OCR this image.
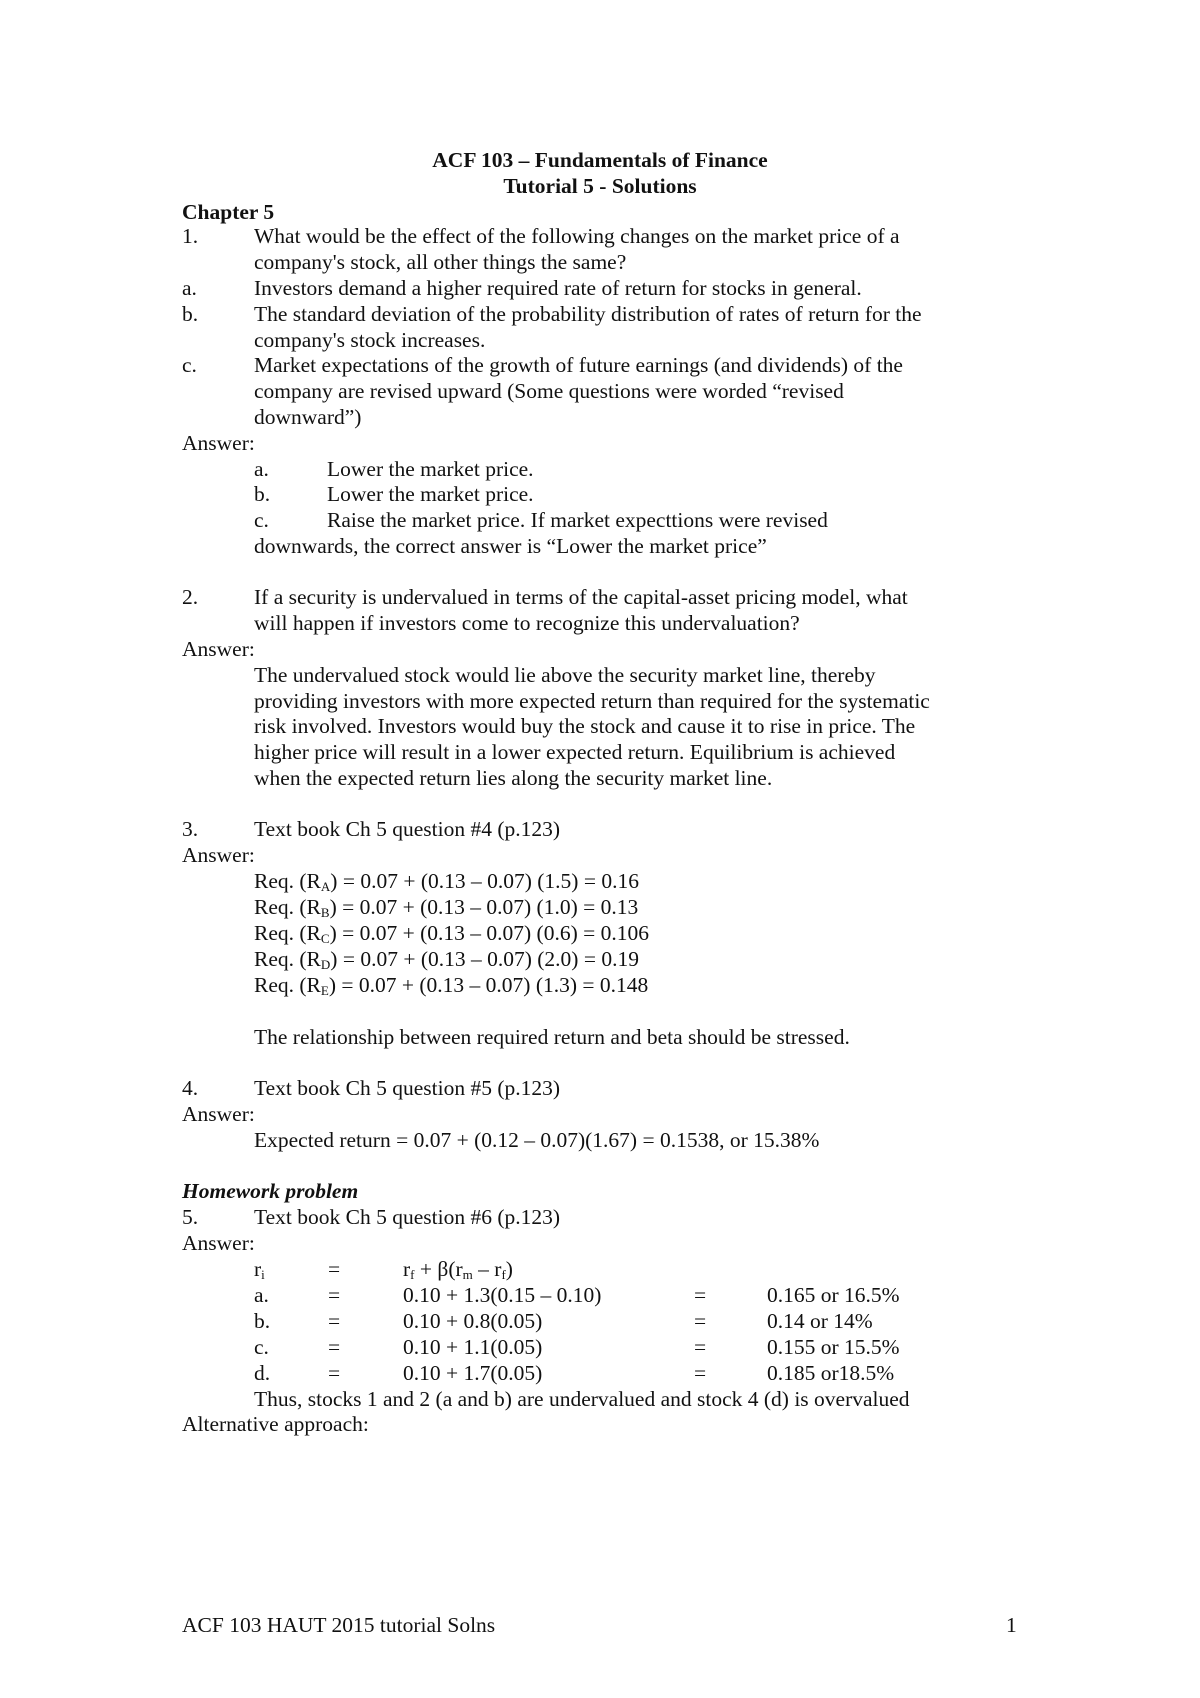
ACF 103 – Fundamentals of Finance
Tutorial 5 - Solutions
Chapter 5
1.	What would be the effect of the following changes on the market price of a
company's stock, all other things the same?
a.	Investors demand a higher required rate of return for stocks in general.
b.	The standard deviation of the probability distribution of rates of return for the
company's stock increases.
c.	Market expectations of the growth of future earnings (and dividends) of the
company are revised upward (Some questions were worded “revised
downward”)
Answer:
a.	Lower the market price.
b.	Lower the market price.
c.	Raise the market price. If market expecttions were revised
downwards, the correct answer is “Lower the market price”
2.	If a security is undervalued in terms of the capital-asset pricing model, what
will happen if investors come to recognize this undervaluation?
Answer:
The undervalued stock would lie above the security market line, thereby
providing investors with more expected return than required for the systematic
risk involved. Investors would buy the stock and cause it to rise in price. The
higher price will result in a lower expected return. Equilibrium is achieved
when the expected return lies along the security market line.
3.	Text book Ch 5 question #4 (p.123)
Answer:
Req. $(R_A) = 0.07 + (0.13 - 0.07) (1.5) = 0.16$
Req. $(R_B) = 0.07 + (0.13 - 0.07) (1.0) = 0.13$
Req. $(R_C) = 0.07 + (0.13 - 0.07) (0.6) = 0.106$
Req. $(R_D) = 0.07 + (0.13 - 0.07) (2.0) = 0.19$
Req. $(R_E) = 0.07 + (0.13 - 0.07) (1.3) = 0.148$
The relationship between required return and beta should be stressed.
4.	Text book Ch 5 question #5 (p.123)
Answer:
Expected return = 0.07 + (0.12 – 0.07)(1.67) = 0.1538, or 15.38%
Homework problem
5.	Text book Ch 5 question #6 (p.123)
Answer:
$r_i$	=	$r_f + \beta(r_m - r_f)$
a.	=	0.10 + 1.3(0.15 – 0.10)	=	0.165 or 16.5%
b.	=	0.10 + 0.8(0.05)	=	0.14 or 14%
c.	=	0.10 + 1.1(0.05)	=	0.155 or 15.5%
d.	=	0.10 + 1.7(0.05)	=	0.185 or18.5%
Thus, stocks 1 and 2 (a and b) are undervalued and stock 4 (d) is overvalued
Alternative approach:
ACF 103 HAUT 2015 tutorial Solns	1
